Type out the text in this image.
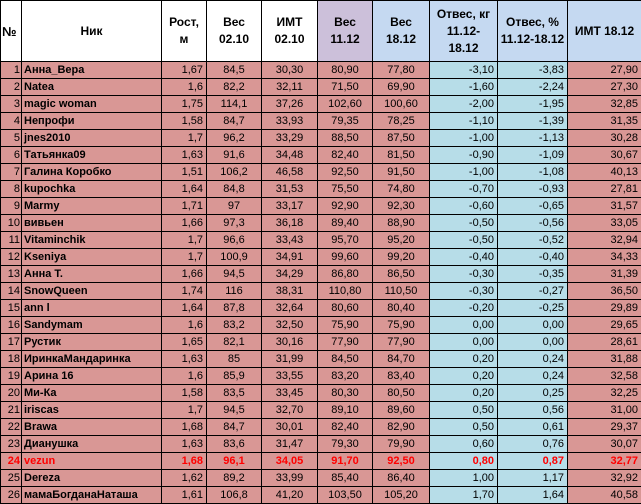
№	Ник	Рост, м	Вес 02.10	ИМТ 02.10	Вес 11.12	Вес 18.12	Отвес, кг 11.12-18.12	Отвес, % 11.12-18.12	ИМТ 18.12
1	Анна_Вера	1,67	84,5	30,30	80,90	77,80	-3,10	-3,83	27,90
2	Natea	1,6	82,2	32,11	71,50	69,90	-1,60	-2,24	27,30
3	magic woman	1,75	114,1	37,26	102,60	100,60	-2,00	-1,95	32,85
4	Непрофи	1,58	84,7	33,93	79,35	78,25	-1,10	-1,39	31,35
5	jnes2010	1,7	96,2	33,29	88,50	87,50	-1,00	-1,13	30,28
6	Татьянка09	1,63	91,6	34,48	82,40	81,50	-0,90	-1,09	30,67
7	Галина Коробко	1,51	106,2	46,58	92,50	91,50	-1,00	-1,08	40,13
8	kupochka	1,64	84,8	31,53	75,50	74,80	-0,70	-0,93	27,81
9	Marmy	1,71	97	33,17	92,90	92,30	-0,60	-0,65	31,57
10	вивьен	1,66	97,3	36,18	89,40	88,90	-0,50	-0,56	33,05
11	Vitaminchik	1,7	96,6	33,43	95,70	95,20	-0,50	-0,52	32,94
12	Kseniya	1,7	100,9	34,91	99,60	99,20	-0,40	-0,40	34,33
13	Анна Т.	1,66	94,5	34,29	86,80	86,50	-0,30	-0,35	31,39
14	SnowQueen	1,74	116	38,31	110,80	110,50	-0,30	-0,27	36,50
15	ann l	1,64	87,8	32,64	80,60	80,40	-0,20	-0,25	29,89
16	Sandymam	1,6	83,2	32,50	75,90	75,90	0,00	0,00	29,65
17	Рустик	1,65	82,1	30,16	77,90	77,90	0,00	0,00	28,61
18	ИринкаМандаринка	1,63	85	31,99	84,50	84,70	0,20	0,24	31,88
19	Арина 16	1,6	85,9	33,55	83,20	83,40	0,20	0,24	32,58
20	Ми-Ка	1,58	83,5	33,45	80,30	80,50	0,20	0,25	32,25
21	iriscas	1,7	94,5	32,70	89,10	89,60	0,50	0,56	31,00
22	Brawa	1,68	84,7	30,01	82,40	82,90	0,50	0,61	29,37
23	Дианушка	1,63	83,6	31,47	79,30	79,90	0,60	0,76	30,07
24	vezun	1,68	96,1	34,05	91,70	92,50	0,80	0,87	32,77
25	Dereza	1,62	89,2	33,99	85,40	86,40	1,00	1,17	32,92
26	мамаБогданаНаташа	1,61	106,8	41,20	103,50	105,20	1,70	1,64	40,58
